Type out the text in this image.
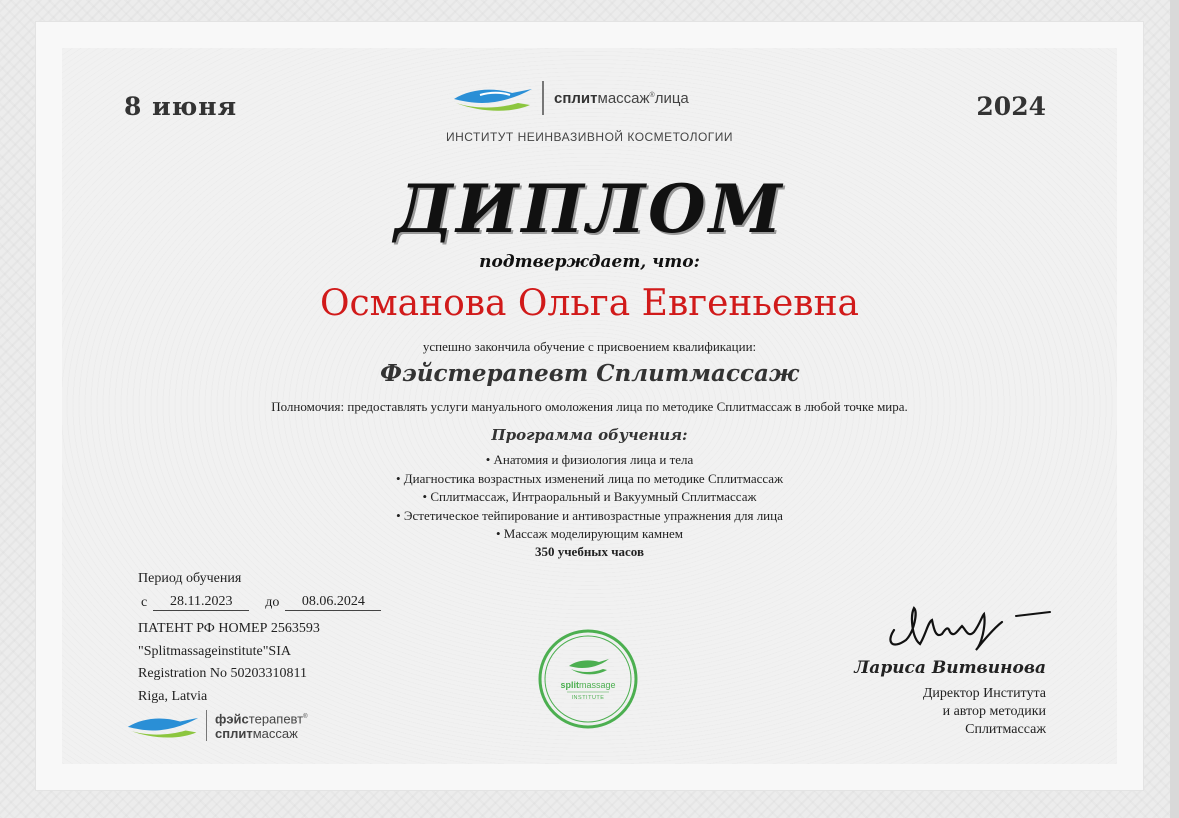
8 июня	2024
сплитмассаж®лица
ИНСТИТУТ НЕИНВАЗИВНОЙ КОСМЕТОЛОГИИ
ДИПЛОМ
подтверждает, что:
Османова Ольга Евгеньевна
успешно закончила обучение с присвоением квалификации:
Фэйстерапевт Сплитмассаж
Полномочия: предоставлять услуги мануального омоложения лица по методике Сплитмассаж в любой точке мира.
Программа обучения:
• Анатомия и физиология лица и тела
• Диагностика возрастных изменений лица по методике Сплитмассаж
• Сплитмассаж, Интраоральный и Вакуумный Сплитмассаж
• Эстетическое тейпирование и антивозрастные упражнения для лица
• Массаж моделирующим камнем
350 учебных часов
Период обучения
с	28.11.2023	до	08.06.2024
ПАТЕНТ РФ НОМЕР 2563593
"Splitmassageinstitute"SIA
Registration No 50203310811
Riga, Latvia
фэйстерапевт®
сплитмассаж
splitmassage
INSTITUTE
Лариса Витвинова
Директор Института
и автор методики
Сплитмассаж
